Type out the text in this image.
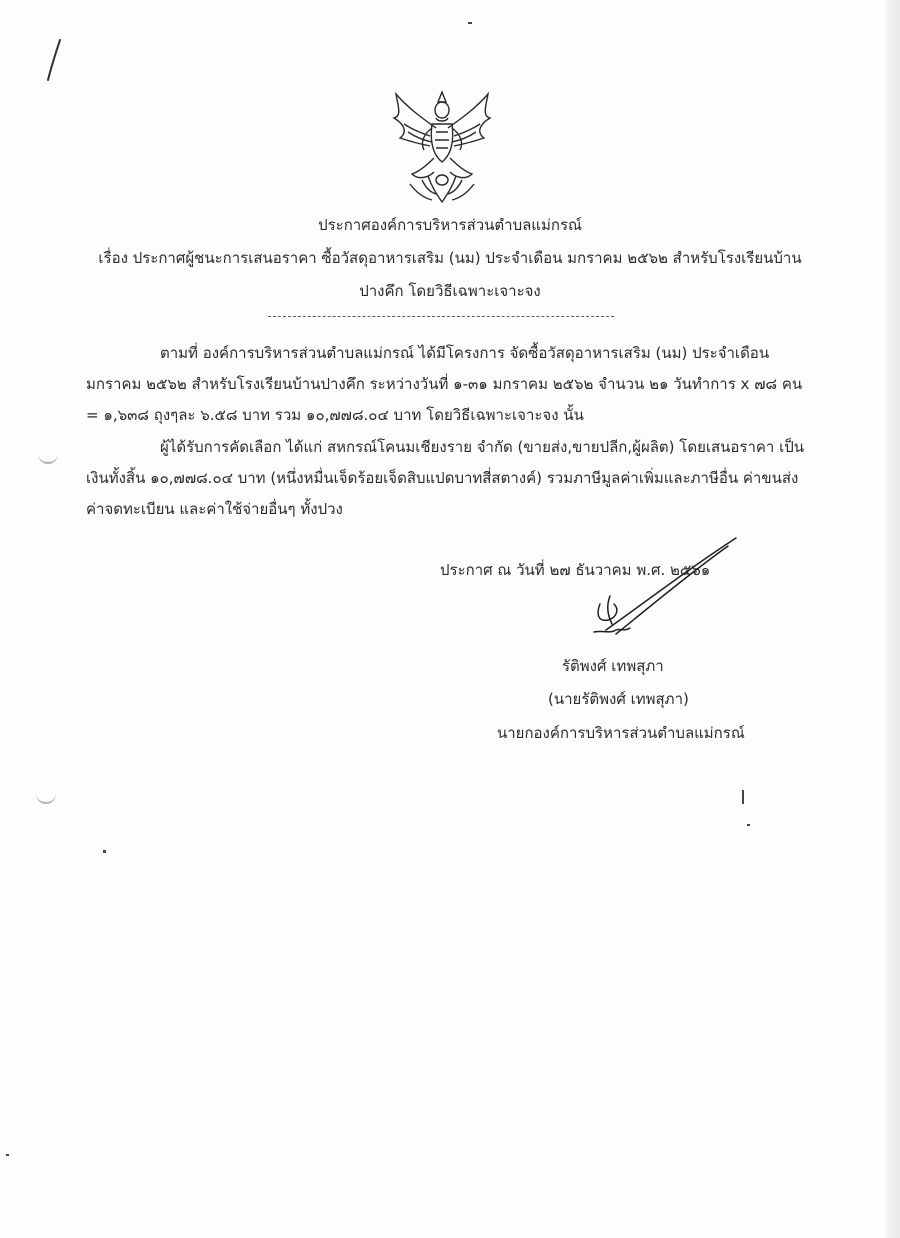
ประกาศองค์การบริหารส่วนตำบลแม่กรณ์
เรื่อง ประกาศผู้ชนะการเสนอราคา ซื้อวัสดุอาหารเสริม (นม) ประจำเดือน มกราคม ๒๕๖๒ สำหรับโรงเรียนบ้าน
ปางคึก โดยวิธีเฉพาะเจาะจง
ตามที่ องค์การบริหารส่วนตำบลแม่กรณ์ ได้มีโครงการ จัดซื้อวัสดุอาหารเสริม (นม) ประจำเดือน
มกราคม ๒๕๖๒ สำหรับโรงเรียนบ้านปางคึก ระหว่างวันที่ ๑-๓๑ มกราคม ๒๕๖๒ จำนวน ๒๑ วันทำการ x ๗๘ คน
= ๑,๖๓๘ ถุงๆละ ๖.๕๘ บาท รวม ๑๐,๗๗๘.๐๔ บาท โดยวิธีเฉพาะเจาะจง นั้น
ผู้ได้รับการคัดเลือก ได้แก่ สหกรณ์โคนมเชียงราย จำกัด (ขายส่ง,ขายปลีก,ผู้ผลิต) โดยเสนอราคา เป็น
เงินทั้งสิ้น ๑๐,๗๗๘.๐๔ บาท (หนึ่งหมื่นเจ็ดร้อยเจ็ดสิบแปดบาทสี่สตางค์) รวมภาษีมูลค่าเพิ่มและภาษีอื่น ค่าขนส่ง
ค่าจดทะเบียน และค่าใช้จ่ายอื่นๆ ทั้งปวง
ประกาศ ณ วันที่ ๒๗ ธันวาคม พ.ศ. ๒๕๖๑
รัติพงศ์ เทพสุภา
(นายรัติพงศ์ เทพสุภา)
นายกองค์การบริหารส่วนตำบลแม่กรณ์
